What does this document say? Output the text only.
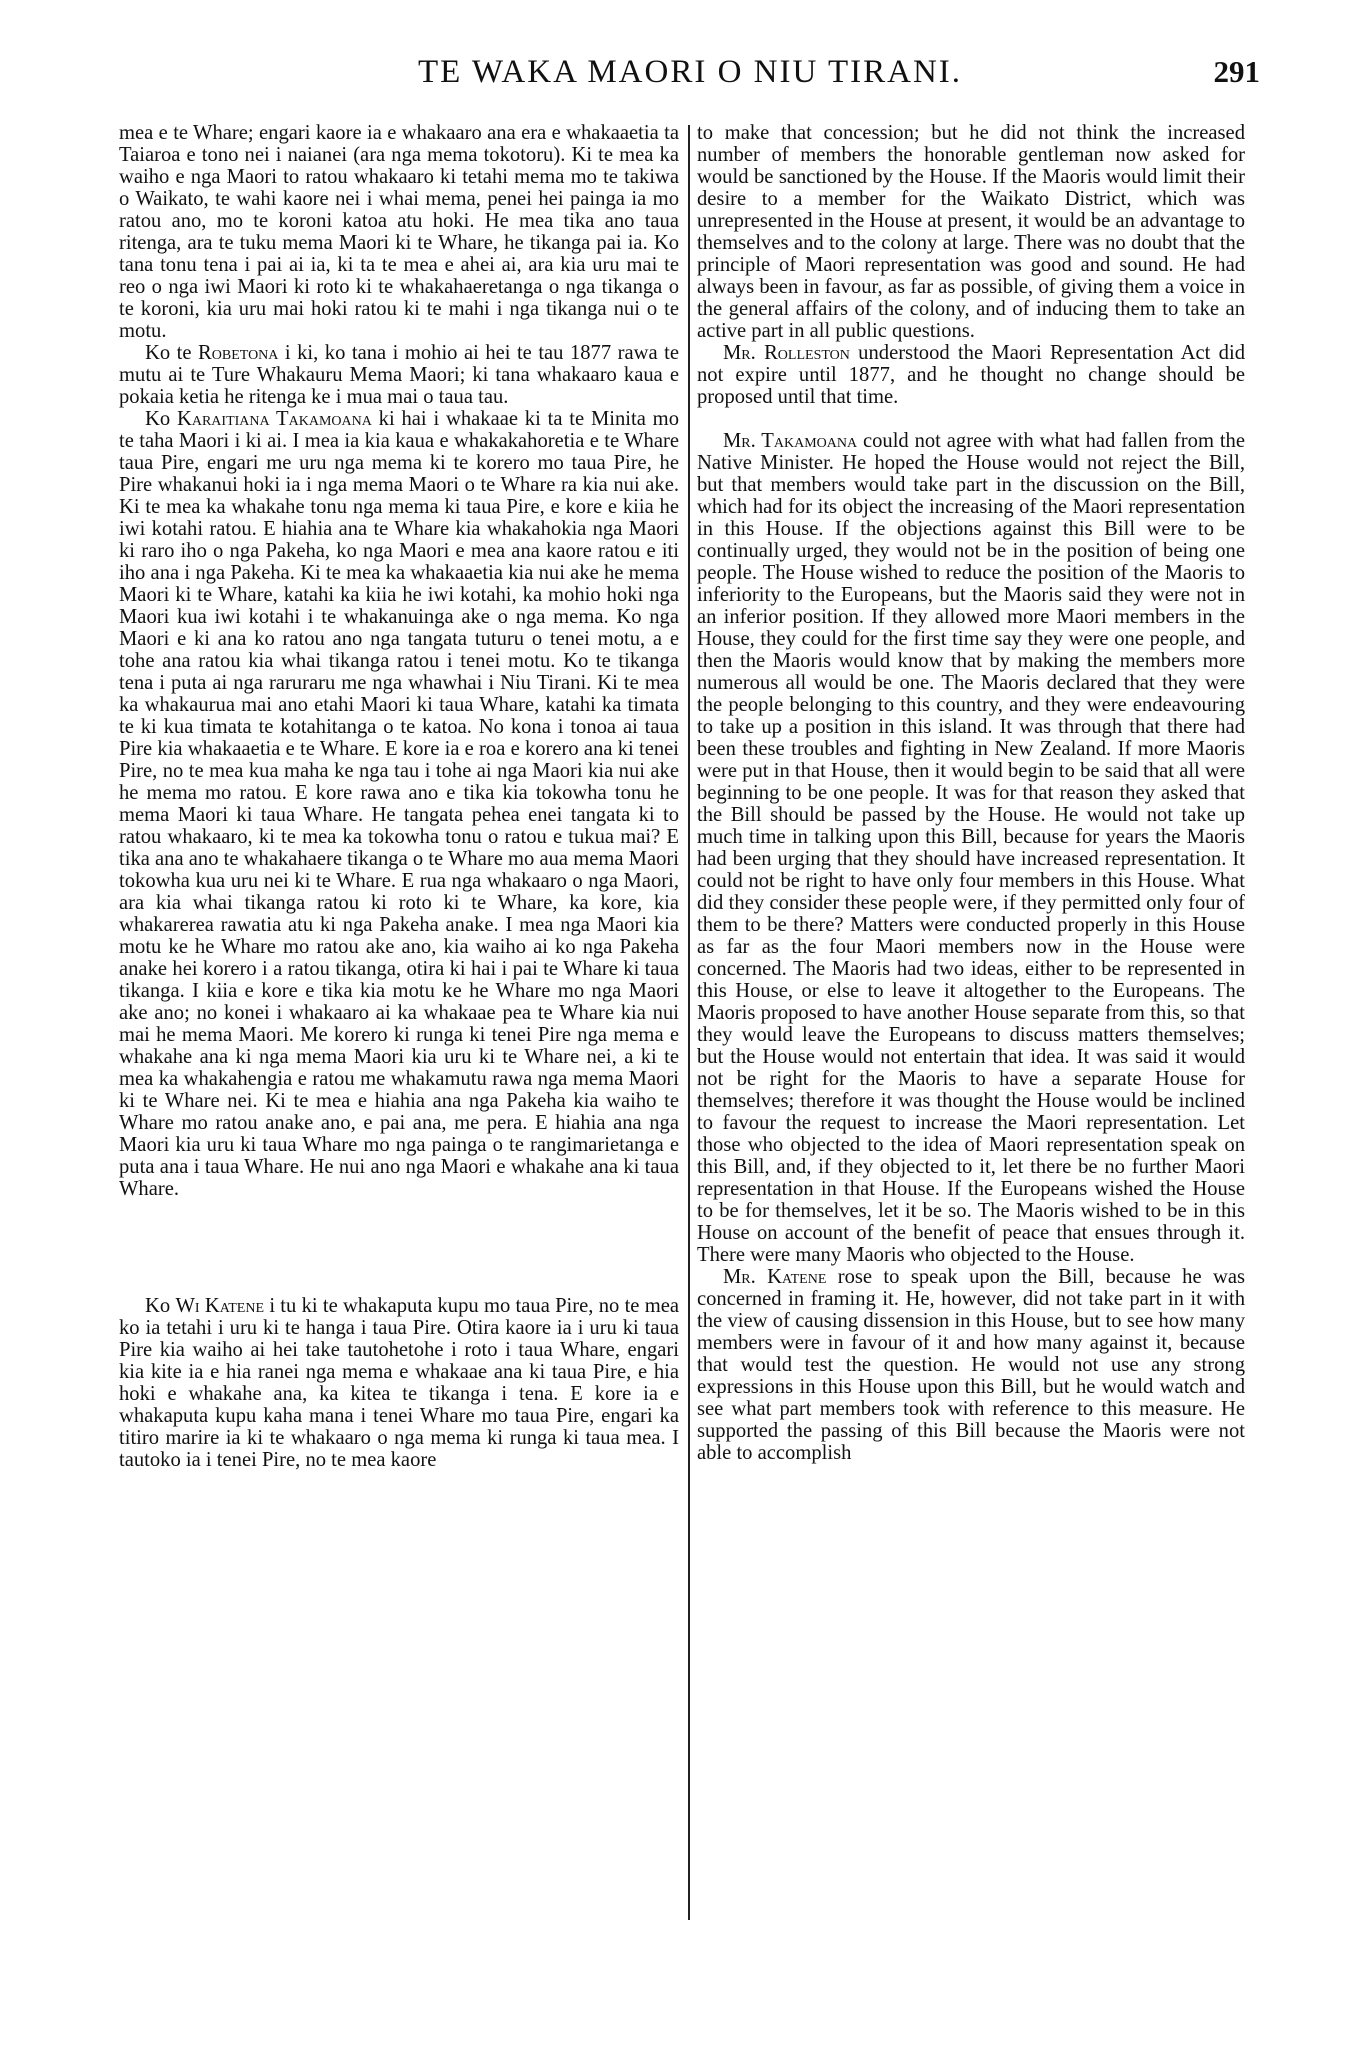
TE WAKA MAORI O NIU TIRANI.	291

mea e te Whare; engari kaore ia e whakaaro ana era e whakaaetia ta Taiaroa e tono nei i naianei (ara nga mema tokotoru). Ki te mea ka waiho e nga Maori to ratou whakaaro ki tetahi mema mo te takiwa o Waikato, te wahi kaore nei i whai mema, penei hei painga ia mo ratou ano, mo te koroni katoa atu hoki. He mea tika ano taua ritenga, ara te tuku mema Maori ki te Whare, he tikanga pai ia. Ko tana tonu tena i pai ai ia, ki ta te mea e ahei ai, ara kia uru mai te reo o nga iwi Maori ki roto ki te whakahaeretanga o nga tikanga o te koroni, kia uru mai hoki ratou ki te mahi i nga tikanga nui o te motu.

Ko te Robetona i ki, ko tana i mohio ai hei te tau 1877 rawa te mutu ai te Ture Whakauru Mema Maori; ki tana whakaaro kaua e pokaia ketia he ritenga ke i mua mai o taua tau.

Ko Karaitiana Takamoana ki hai i whakaae ki ta te Minita mo te taha Maori i ki ai. I mea ia kia kaua e whakakahoretia e te Whare taua Pire, engari me uru nga mema ki te korero mo taua Pire, he Pire whakanui hoki ia i nga mema Maori o te Whare ra kia nui ake. Ki te mea ka whakahe tonu nga mema ki taua Pire, e kore e kiia he iwi kotahi ratou. E hiahia ana te Whare kia whakahokia nga Maori ki raro iho o nga Pakeha, ko nga Maori e mea ana kaore ratou e iti iho ana i nga Pakeha. Ki te mea ka whakaaetia kia nui ake he mema Maori ki te Whare, katahi ka kiia he iwi kotahi, ka mohio hoki nga Maori kua iwi kotahi i te whakanuinga ake o nga mema. Ko nga Maori e ki ana ko ratou ano nga tangata tuturu o tenei motu, a e tohe ana ratou kia whai tikanga ratou i tenei motu. Ko te tikanga tena i puta ai nga raruraru me nga whawhai i Niu Tirani. Ki te mea ka whakaurua mai ano etahi Maori ki taua Whare, katahi ka timata te ki kua timata te kotahitanga o te katoa. No kona i tonoa ai taua Pire kia whakaaetia e te Whare. E kore ia e roa e korero ana ki tenei Pire, no te mea kua maha ke nga tau i tohe ai nga Maori kia nui ake he mema mo ratou. E kore rawa ano e tika kia tokowha tonu he mema Maori ki taua Whare. He tangata pehea enei tangata ki to ratou whakaaro, ki te mea ka tokowha tonu o ratou e tukua mai? E tika ana ano te whakahaere tikanga o te Whare mo aua mema Maori tokowha kua uru nei ki te Whare. E rua nga whakaaro o nga Maori, ara kia whai tikanga ratou ki roto ki te Whare, ka kore, kia whakarerea rawatia atu ki nga Pakeha anake. I mea nga Maori kia motu ke he Whare mo ratou ake ano, kia waiho ai ko nga Pakeha anake hei korero i a ratou tikanga, otira ki hai i pai te Whare ki taua tikanga. I kiia e kore e tika kia motu ke he Whare mo nga Maori ake ano; no konei i whakaaro ai ka whakaae pea te Whare kia nui mai he mema Maori. Me korero ki runga ki tenei Pire nga mema e whakahe ana ki nga mema Maori kia uru ki te Whare nei, a ki te mea ka whakahengia e ratou me whakamutu rawa nga mema Maori ki te Whare nei. Ki te mea e hiahia ana nga Pakeha kia waiho te Whare mo ratou anake ano, e pai ana, me pera. E hiahia ana nga Maori kia uru ki taua Whare mo nga painga o te rangimarietanga e puta ana i taua Whare. He nui ano nga Maori e whakahe ana ki taua Whare.

Ko Wi Katene i tu ki te whakaputa kupu mo taua Pire, no te mea ko ia tetahi i uru ki te hanga i taua Pire. Otira kaore ia i uru ki taua Pire kia waiho ai hei take tautohetohe i roto i taua Whare, engari kia kite ia e hia ranei nga mema e whakaae ana ki taua Pire, e hia hoki e whakahe ana, ka kitea te tikanga i tena. E kore ia e whakaputa kupu kaha mana i tenei Whare mo taua Pire, engari ka titiro marire ia ki te whakaaro o nga mema ki runga ki taua mea. I tautoko ia i tenei Pire, no te mea kaore

to make that concession; but he did not think the increased number of members the honorable gentleman now asked for would be sanctioned by the House. If the Maoris would limit their desire to a member for the Waikato District, which was unrepresented in the House at present, it would be an advantage to themselves and to the colony at large. There was no doubt that the principle of Maori representation was good and sound. He had always been in favour, as far as possible, of giving them a voice in the general affairs of the colony, and of inducing them to take an active part in all public questions.

Mr. Rolleston understood the Maori Representation Act did not expire until 1877, and he thought no change should be proposed until that time.

Mr. Takamoana could not agree with what had fallen from the Native Minister. He hoped the House would not reject the Bill, but that members would take part in the discussion on the Bill, which had for its object the increasing of the Maori representation in this House. If the objections against this Bill were to be continually urged, they would not be in the position of being one people. The House wished to reduce the position of the Maoris to inferiority to the Europeans, but the Maoris said they were not in an inferior position. If they allowed more Maori members in the House, they could for the first time say they were one people, and then the Maoris would know that by making the members more numerous all would be one. The Maoris declared that they were the people belonging to this country, and they were endeavouring to take up a position in this island. It was through that there had been these troubles and fighting in New Zealand. If more Maoris were put in that House, then it would begin to be said that all were beginning to be one people. It was for that reason they asked that the Bill should be passed by the House. He would not take up much time in talking upon this Bill, because for years the Maoris had been urging that they should have increased representation. It could not be right to have only four members in this House. What did they consider these people were, if they permitted only four of them to be there? Matters were conducted properly in this House as far as the four Maori members now in the House were concerned. The Maoris had two ideas, either to be represented in this House, or else to leave it altogether to the Europeans. The Maoris proposed to have another House separate from this, so that they would leave the Europeans to discuss matters themselves; but the House would not entertain that idea. It was said it would not be right for the Maoris to have a separate House for themselves; therefore it was thought the House would be inclined to favour the request to increase the Maori representation. Let those who objected to the idea of Maori representation speak on this Bill, and, if they objected to it, let there be no further Maori representation in that House. If the Europeans wished the House to be for themselves, let it be so. The Maoris wished to be in this House on account of the benefit of peace that ensues through it. There were many Maoris who objected to the House.

Mr. Katene rose to speak upon the Bill, because he was concerned in framing it. He, however, did not take part in it with the view of causing dissension in this House, but to see how many members were in favour of it and how many against it, because that would test the question. He would not use any strong expressions in this House upon this Bill, but he would watch and see what part members took with reference to this measure. He supported the passing of this Bill because the Maoris were not able to accomplish
